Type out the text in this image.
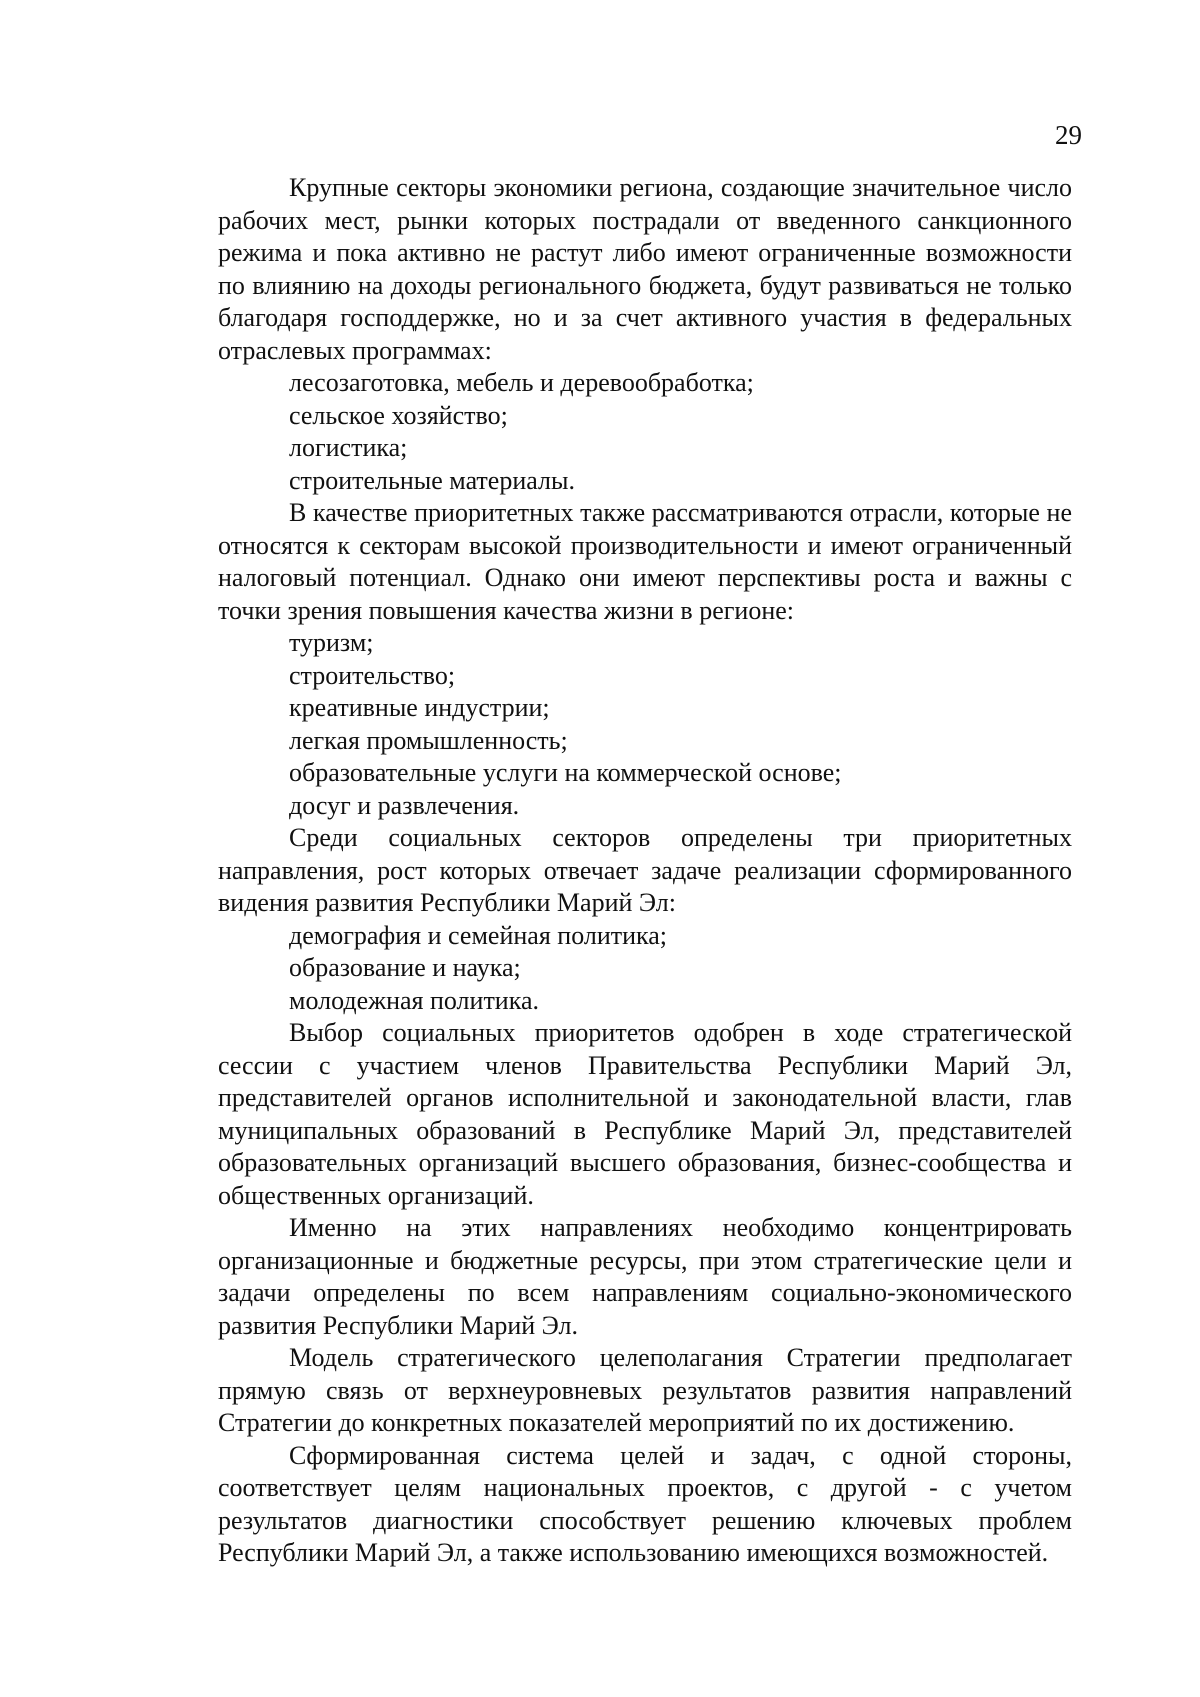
29

Крупные секторы экономики региона, создающие значительное число рабочих мест, рынки которых пострадали от введенного санкционного режима и пока активно не растут либо имеют ограниченные возможности по влиянию на доходы регионального бюджета, будут развиваться не только благодаря господдержке, но и за счет активного участия в федеральных отраслевых программах:

лесозаготовка, мебель и деревообработка;

сельское хозяйство;

логистика;

строительные материалы.

В качестве приоритетных также рассматриваются отрасли, которые не относятся к секторам высокой производительности и имеют ограниченный налоговый потенциал. Однако они имеют перспективы роста и важны с точки зрения повышения качества жизни в регионе:

туризм;

строительство;

креативные индустрии;

легкая промышленность;

образовательные услуги на коммерческой основе;

досуг и развлечения.

Среди социальных секторов определены три приоритетных направления, рост которых отвечает задаче реализации сформированного видения развития Республики Марий Эл:

демография и семейная политика;

образование и наука;

молодежная политика.

Выбор социальных приоритетов одобрен в ходе стратегической сессии с участием членов Правительства Республики Марий Эл, представителей органов исполнительной и законодательной власти, глав муниципальных образований в Республике Марий Эл, представителей образовательных организаций высшего образования, бизнес-сообщества и общественных организаций.

Именно на этих направлениях необходимо концентрировать организационные и бюджетные ресурсы, при этом стратегические цели и задачи определены по всем направлениям социально-экономического развития Республики Марий Эл.

Модель стратегического целеполагания Стратегии предполагает прямую связь от верхнеуровневых результатов развития направлений Стратегии до конкретных показателей мероприятий по их достижению.

Сформированная система целей и задач, с одной стороны, соответствует целям национальных проектов, с другой - с учетом результатов диагностики способствует решению ключевых проблем Республики Марий Эл, а также использованию имеющихся возможностей.
